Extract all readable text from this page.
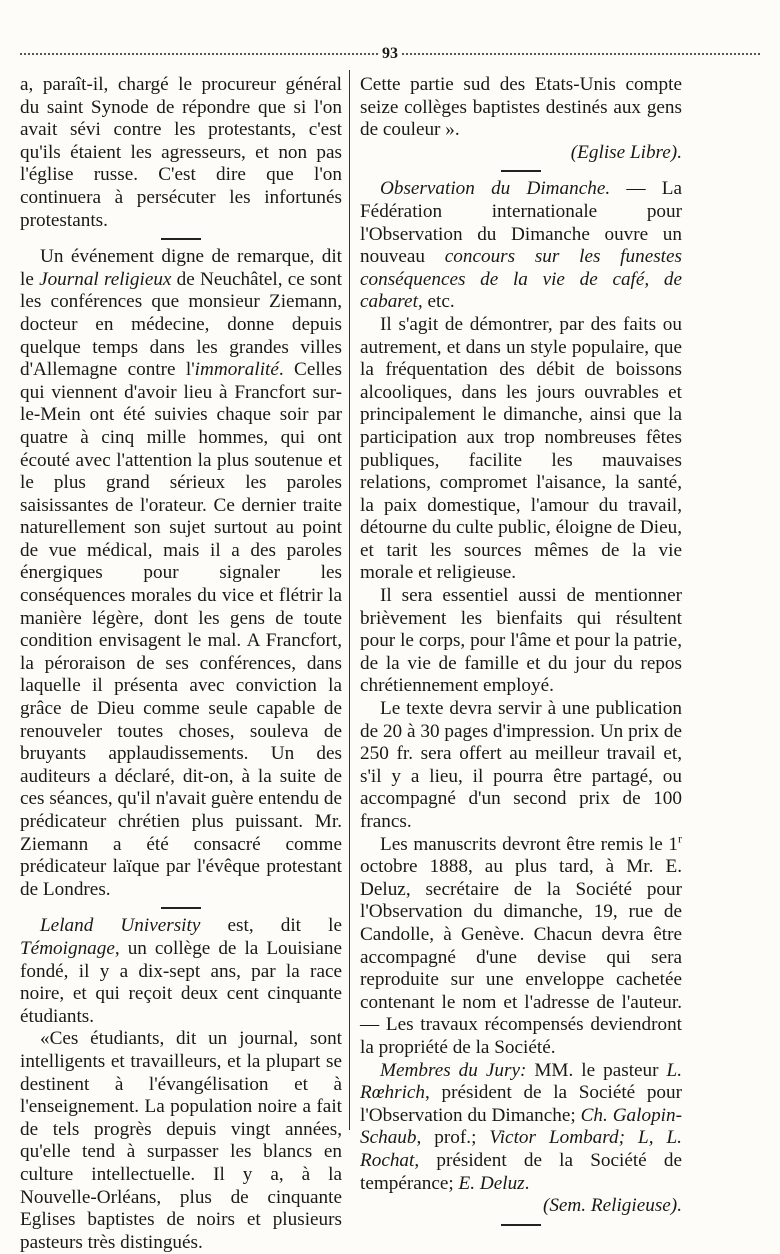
93

a, paraît-il, chargé le procureur général du saint Synode de répondre que si l'on avait sévi contre les protestants, c'est qu'ils étaient les agresseurs, et non pas l'église russe. C'est dire que l'on continuera à persécuter les infortunés protestants.

Un événement digne de remarque, dit le Journal religieux de Neuchâtel, ce sont les conférences que monsieur Ziemann, docteur en médecine, donne depuis quelque temps dans les grandes villes d'Allemagne contre l'immoralité. Celles qui viennent d'avoir lieu à Francfort sur-le-Mein ont été suivies chaque soir par quatre à cinq mille hommes, qui ont écouté avec l'attention la plus soutenue et le plus grand sérieux les paroles saisissantes de l'orateur. Ce dernier traite naturellement son sujet surtout au point de vue médical, mais il a des paroles énergiques pour signaler les conséquences morales du vice et flétrir la manière légère, dont les gens de toute condition envisagent le mal. A Francfort, la péroraison de ses conférences, dans laquelle il présenta avec conviction la grâce de Dieu comme seule capable de renouveler toutes choses, souleva de bruyants applaudissements. Un des auditeurs a déclaré, dit-on, à la suite de ces séances, qu'il n'avait guère entendu de prédicateur chrétien plus puissant. Mr. Ziemann a été consacré comme prédicateur laïque par l'évêque protestant de Londres.

Leland University est, dit le Témoignage, un collège de la Louisiane fondé, il y a dix-sept ans, par la race noire, et qui reçoit deux cent cinquante étudiants.

«Ces étudiants, dit un journal, sont intelligents et travailleurs, et la plupart se destinent à l'évangélisation et à l'enseignement. La population noire a fait de tels progrès depuis vingt années, qu'elle tend à surpasser les blancs en culture intellectuelle. Il y a, à la Nouvelle-Orléans, plus de cinquante Eglises baptistes de noirs et plusieurs pasteurs très distingués.

Cette partie sud des Etats-Unis compte seize collèges baptistes destinés aux gens de couleur ».

(Eglise Libre).

Observation du Dimanche. — La Fédération internationale pour l'Observation du Dimanche ouvre un nouveau concours sur les funestes conséquences de la vie de café, de cabaret, etc.

Il s'agit de démontrer, par des faits ou autrement, et dans un style populaire, que la fréquentation des débit de boissons alcooliques, dans les jours ouvrables et principalement le dimanche, ainsi que la participation aux trop nombreuses fêtes publiques, facilite les mauvaises relations, compromet l'aisance, la santé, la paix domestique, l'amour du travail, détourne du culte public, éloigne de Dieu, et tarit les sources mêmes de la vie morale et religieuse.

Il sera essentiel aussi de mentionner brièvement les bienfaits qui résultent pour le corps, pour l'âme et pour la patrie, de la vie de famille et du jour du repos chrétiennement employé.

Le texte devra servir à une publication de 20 à 30 pages d'impression. Un prix de 250 fr. sera offert au meilleur travail et, s'il y a lieu, il pourra être partagé, ou accompagné d'un second prix de 100 francs.

Les manuscrits devront être remis le 1$^r$ octobre 1888, au plus tard, à Mr. E. Deluz, secrétaire de la Société pour l'Observation du dimanche, 19, rue de Candolle, à Genève. Chacun devra être accompagné d'une devise qui sera reproduite sur une enveloppe cachetée contenant le nom et l'adresse de l'auteur. — Les travaux récompensés deviendront la propriété de la Société.

Membres du Jury: MM. le pasteur L. Rœhrich, président de la Société pour l'Observation du Dimanche; Ch. Galopin-Schaub, prof.; Victor Lombard; L, L. Rochat, président de la Société de tempérance; E. Deluz.

(Sem. Religieuse).
